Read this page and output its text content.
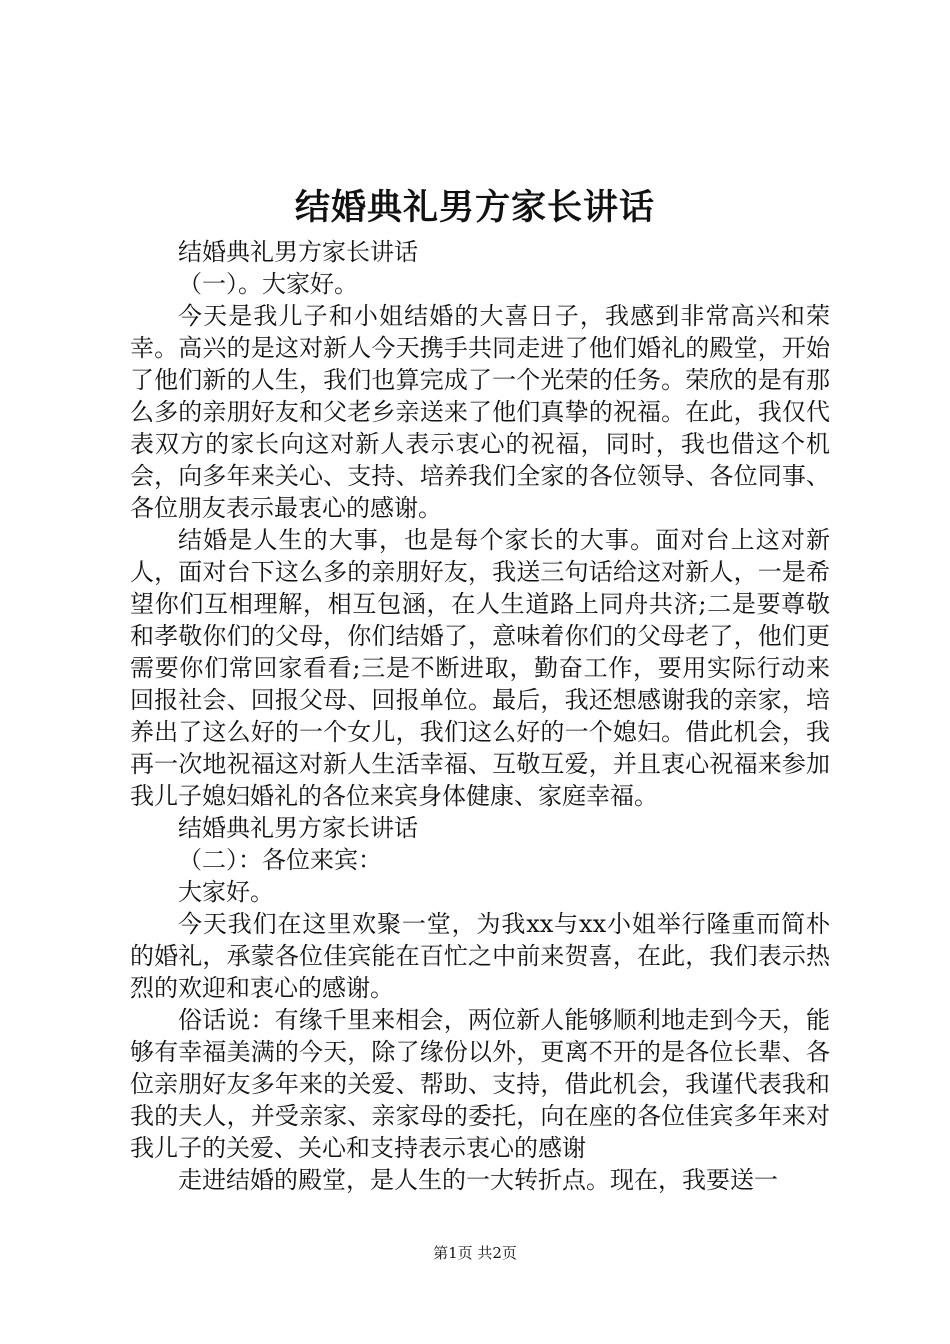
结婚典礼男方家长讲话

结婚典礼男方家长讲话

（一）。大家好。

今天是我儿子和小姐结婚的大喜日子，我感到非常高兴和荣幸。高兴的是这对新人今天携手共同走进了他们婚礼的殿堂，开始了他们新的人生，我们也算完成了一个光荣的任务。荣欣的是有那么多的亲朋好友和父老乡亲送来了他们真挚的祝福。在此，我仅代表双方的家长向这对新人表示衷心的祝福，同时，我也借这个机会，向多年来关心、支持、培养我们全家的各位领导、各位同事、各位朋友表示最衷心的感谢。

结婚是人生的大事，也是每个家长的大事。面对台上这对新人，面对台下这么多的亲朋好友，我送三句话给这对新人，一是希望你们互相理解，相互包涵，在人生道路上同舟共济;二是要尊敬和孝敬你们的父母，你们结婚了，意味着你们的父母老了，他们更需要你们常回家看看;三是不断进取，勤奋工作，要用实际行动来回报社会、回报父母、回报单位。最后，我还想感谢我的亲家，培养出了这么好的一个女儿，我们这么好的一个媳妇。借此机会，我再一次地祝福这对新人生活幸福、互敬互爱，并且衷心祝福来参加我儿子媳妇婚礼的各位来宾身体健康、家庭幸福。

结婚典礼男方家长讲话

（二）：各位来宾：

大家好。

今天我们在这里欢聚一堂，为我xx与xx小姐举行隆重而简朴的婚礼，承蒙各位佳宾能在百忙之中前来贺喜，在此，我们表示热烈的欢迎和衷心的感谢。

俗话说：有缘千里来相会，两位新人能够顺利地走到今天，能够有幸福美满的今天，除了缘份以外，更离不开的是各位长辈、各位亲朋好友多年来的关爱、帮助、支持，借此机会，我谨代表我和我的夫人，并受亲家、亲家母的委托，向在座的各位佳宾多年来对我儿子的关爱、关心和支持表示衷心的感谢

走进结婚的殿堂，是人生的一大转折点。现在，我要送一

第1页 共2页
